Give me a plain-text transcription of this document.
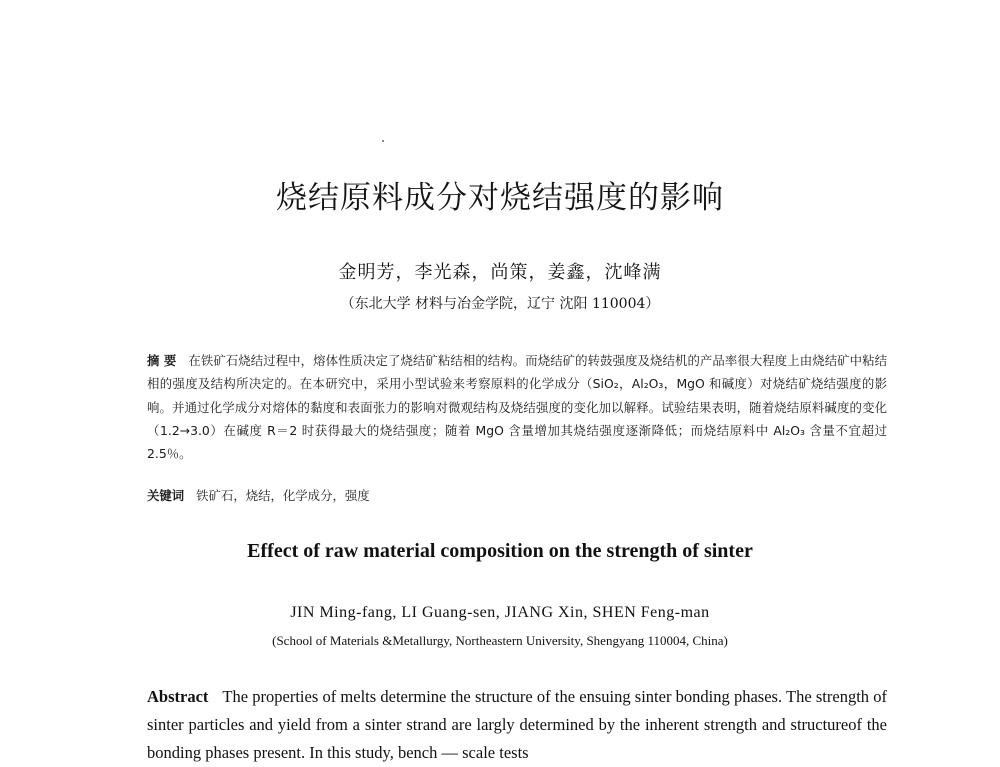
烧结原料成分对烧结强度的影响
金明芳，李光森，尚策，姜鑫，沈峰满
（东北大学 材料与冶金学院，辽宁 沈阳 110004）
摘 要 在铁矿石烧结过程中，熔体性质决定了烧结矿粘结相的结构。而烧结矿的转鼓强度及烧结机的产品率很大程度上由烧结矿中粘结相的强度及结构所决定的。在本研究中，采用小型试验来考察原料的化学成分（SiO₂，Al₂O₃，MgO 和碱度）对烧结矿烧结强度的影响。并通过化学成分对熔体的黏度和表面张力的影响对微观结构及烧结强度的变化加以解释。试验结果表明，随着烧结原料碱度的变化（1.2→3.0）在碱度 R＝2 时获得最大的烧结强度；随着 MgO 含量增加其烧结强度逐渐降低；而烧结原料中 Al₂O₃ 含量不宜超过 2.5％。
关键词 铁矿石，烧结，化学成分，强度
Effect of raw material composition on the strength of sinter
JIN Ming-fang, LI Guang-sen, JIANG Xin, SHEN Feng-man
(School of Materials &Metallurgy, Northeastern University, Shengyang 110004, China)
Abstract The properties of melts determine the structure of the ensuing sinter bonding phases. The strength of sinter particles and yield from a sinter strand are largly determined by the inherent strength and structureof the bonding phases present. In this study, bench — scale tests
